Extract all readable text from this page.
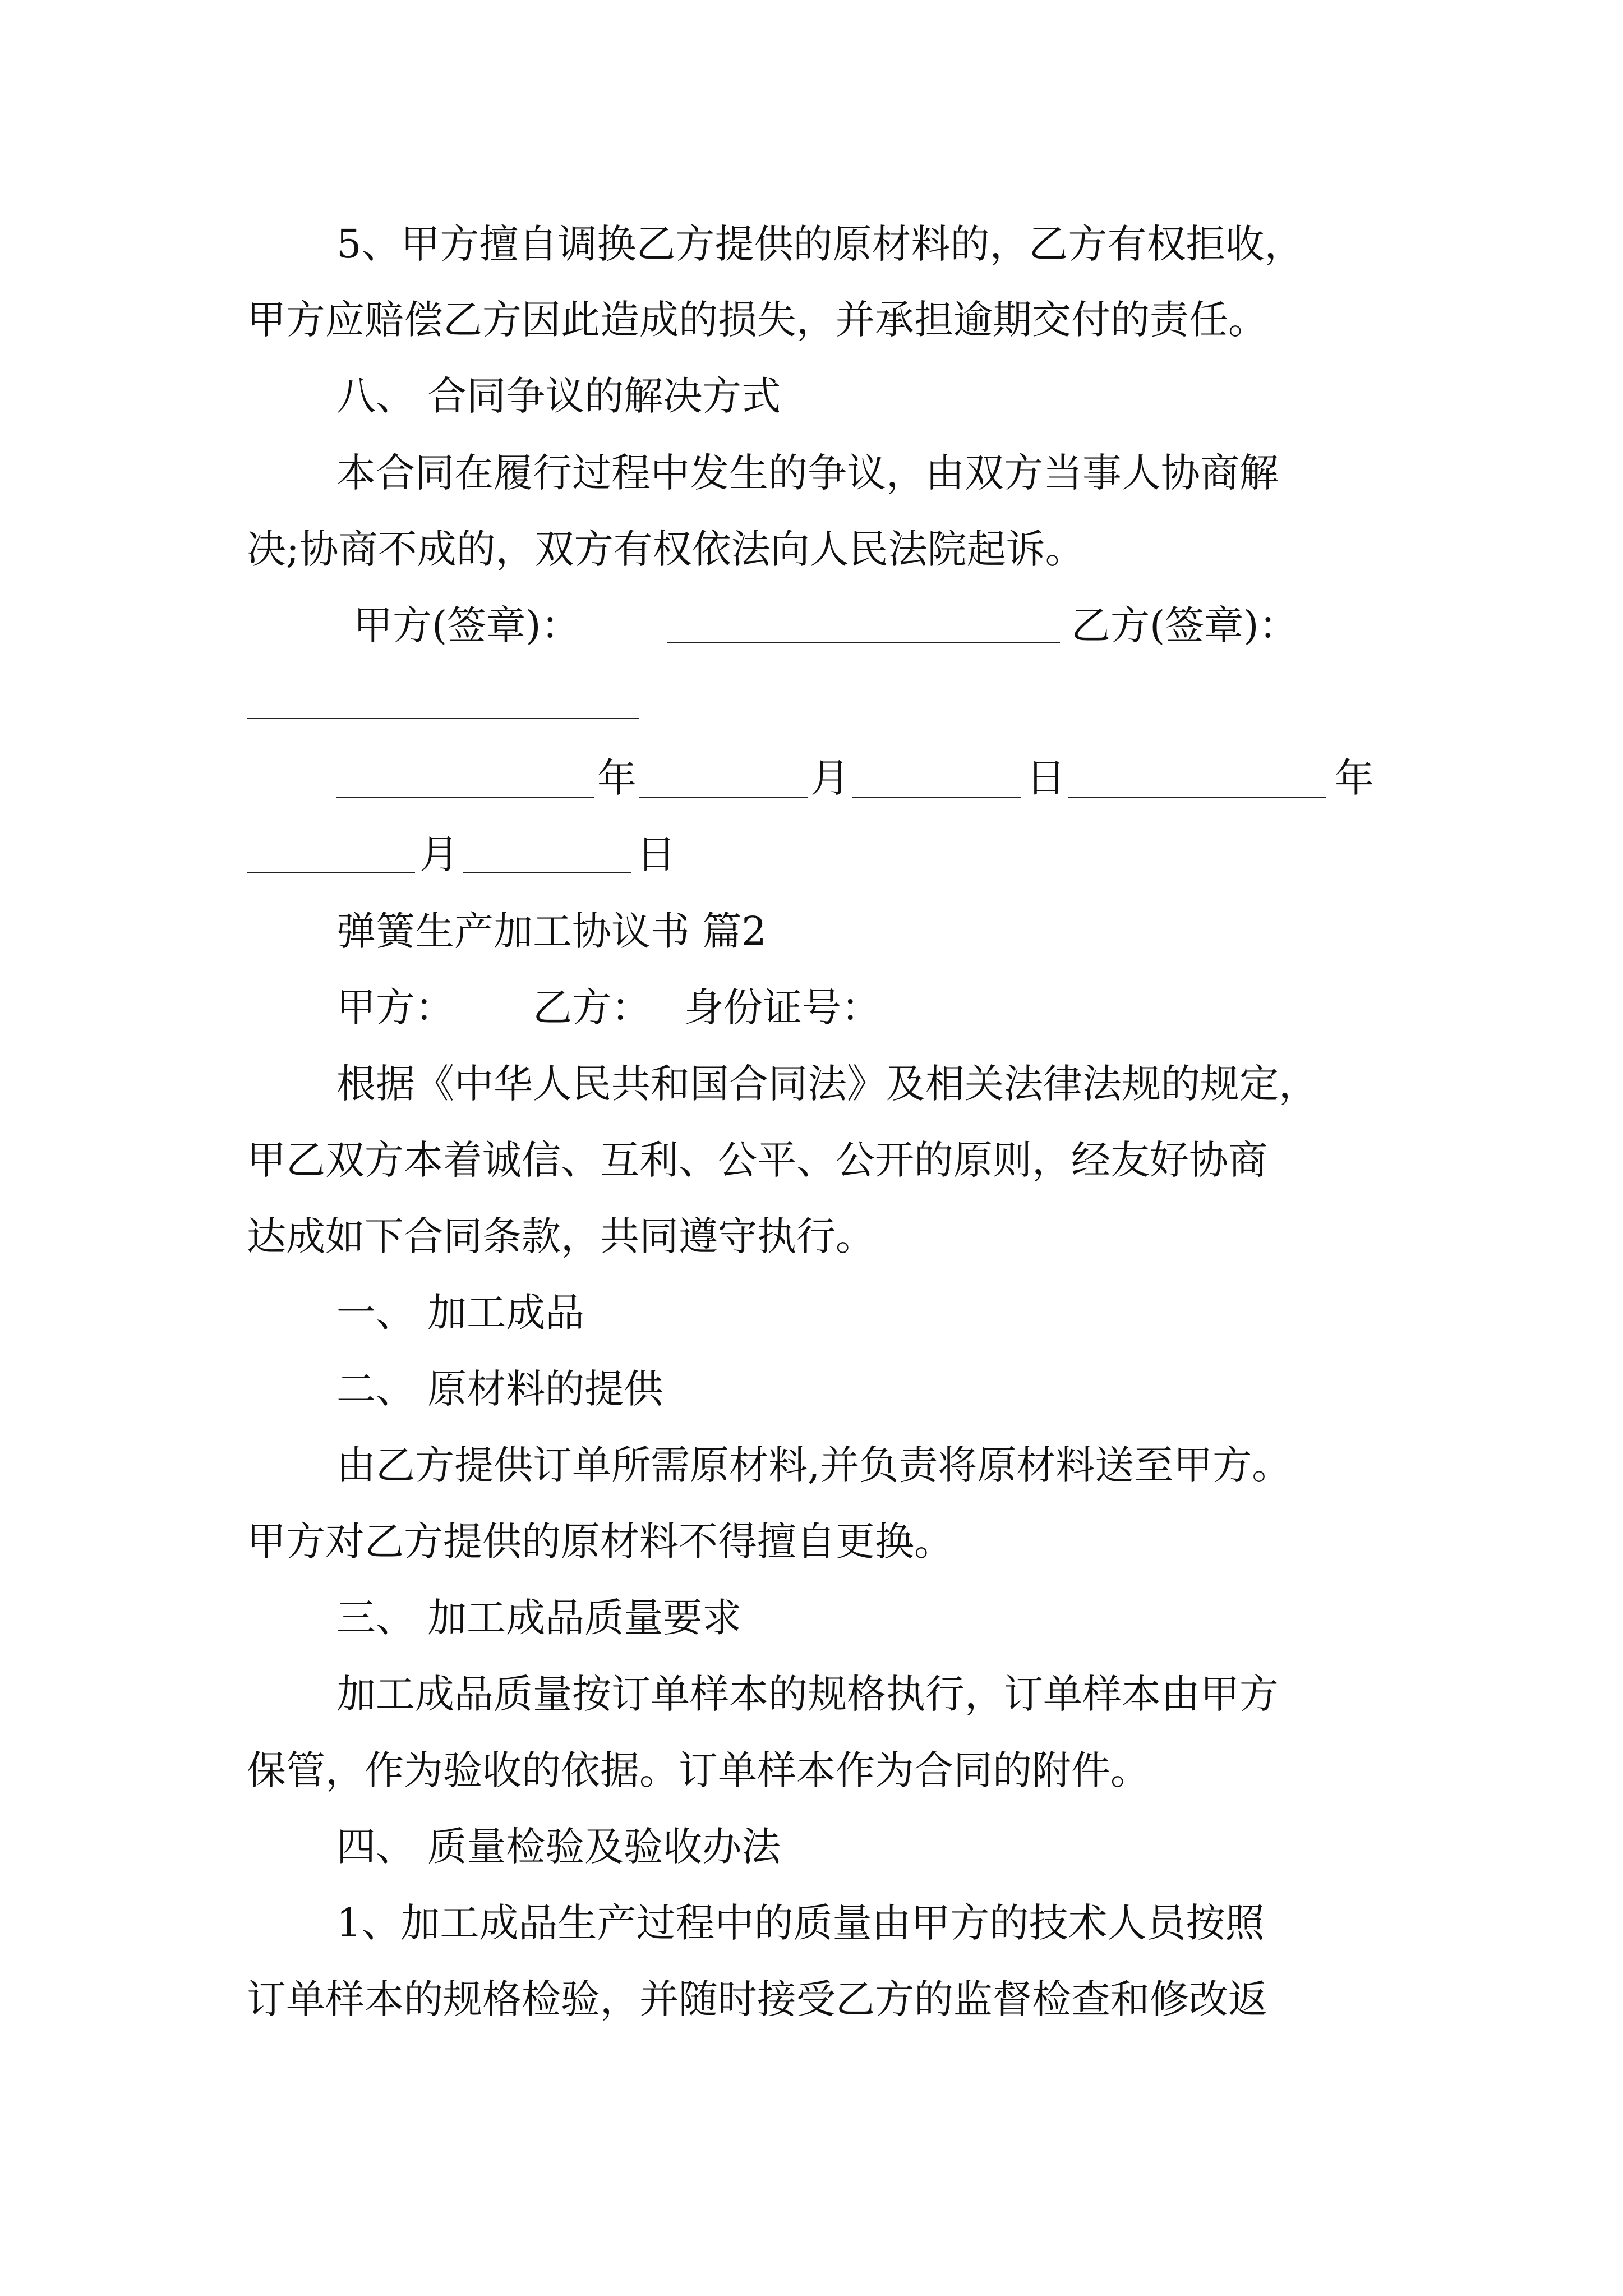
5、甲方擅自调换乙方提供的原材料的，乙方有权拒收，
甲方应赔偿乙方因此造成的损失，并承担逾期交付的责任。
八、 合同争议的解决方式
本合同在履行过程中发生的争议，由双方当事人协商解
决;协商不成的，双方有权依法向人民法院起诉。
甲方(签章)：	乙方(签章)：
年	月	日	年
月	日
弹簧生产加工协议书 篇2
甲方： 乙方： 身份证号：
根据《中华人民共和国合同法》及相关法律法规的规定，
甲乙双方本着诚信、互利、公平、公开的原则，经友好协商
达成如下合同条款，共同遵守执行。
一、 加工成品
二、 原材料的提供
由乙方提供订单所需原材料,并负责将原材料送至甲方。
甲方对乙方提供的原材料不得擅自更换。
三、 加工成品质量要求
加工成品质量按订单样本的规格执行，订单样本由甲方
保管，作为验收的依据。订单样本作为合同的附件。
四、 质量检验及验收办法
1、加工成品生产过程中的质量由甲方的技术人员按照
订单样本的规格检验，并随时接受乙方的监督检查和修改返
